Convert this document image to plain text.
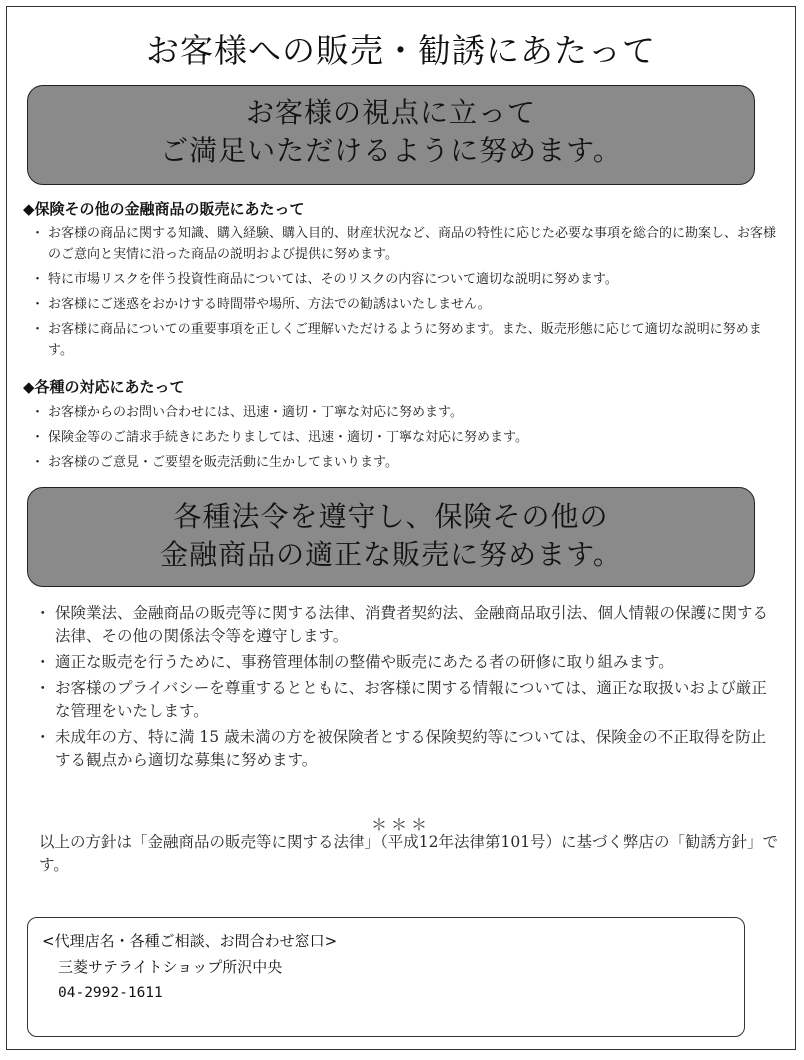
お客様への販売・勧誘にあたって
お客様の視点に立って
ご満足いただけるように努めます。
◆保険その他の金融商品の販売にあたって
・ お客様の商品に関する知識、購入経験、購入目的、財産状況など、商品の特性に応じた必要な事項を総合的に勘案し、お客様のご意向と実情に沿った商品の説明および提供に努めます。
・ 特に市場リスクを伴う投資性商品については、そのリスクの内容について適切な説明に努めます。
・ お客様にご迷惑をおかけする時間帯や場所、方法での勧誘はいたしません。
・ お客様に商品についての重要事項を正しくご理解いただけるように努めます。また、販売形態に応じて適切な説明に努めます。
◆各種の対応にあたって
・ お客様からのお問い合わせには、迅速・適切・丁寧な対応に努めます。
・ 保険金等のご請求手続きにあたりましては、迅速・適切・丁寧な対応に努めます。
・ お客様のご意見・ご要望を販売活動に生かしてまいります。
各種法令を遵守し、保険その他の
金融商品の適正な販売に努めます。
・ 保険業法、金融商品の販売等に関する法律、消費者契約法、金融商品取引法、個人情報の保護に関する法律、その他の関係法令等を遵守します。
・ 適正な販売を行うために、事務管理体制の整備や販売にあたる者の研修に取り組みます。
・ お客様のプライバシーを尊重するとともに、お客様に関する情報については、適正な取扱いおよび厳正な管理をいたします。
・ 未成年の方、特に満 15 歳未満の方を被保険者とする保険契約等については、保険金の不正取得を防止する観点から適切な募集に努めます。
＊＊＊
以上の方針は「金融商品の販売等に関する法律」（平成12年法律第101号）に基づく弊店の「勧誘方針」です。
<代理店名・各種ご相談、お問合わせ窓口>
三菱サテライトショップ所沢中央
04-2992-1611
